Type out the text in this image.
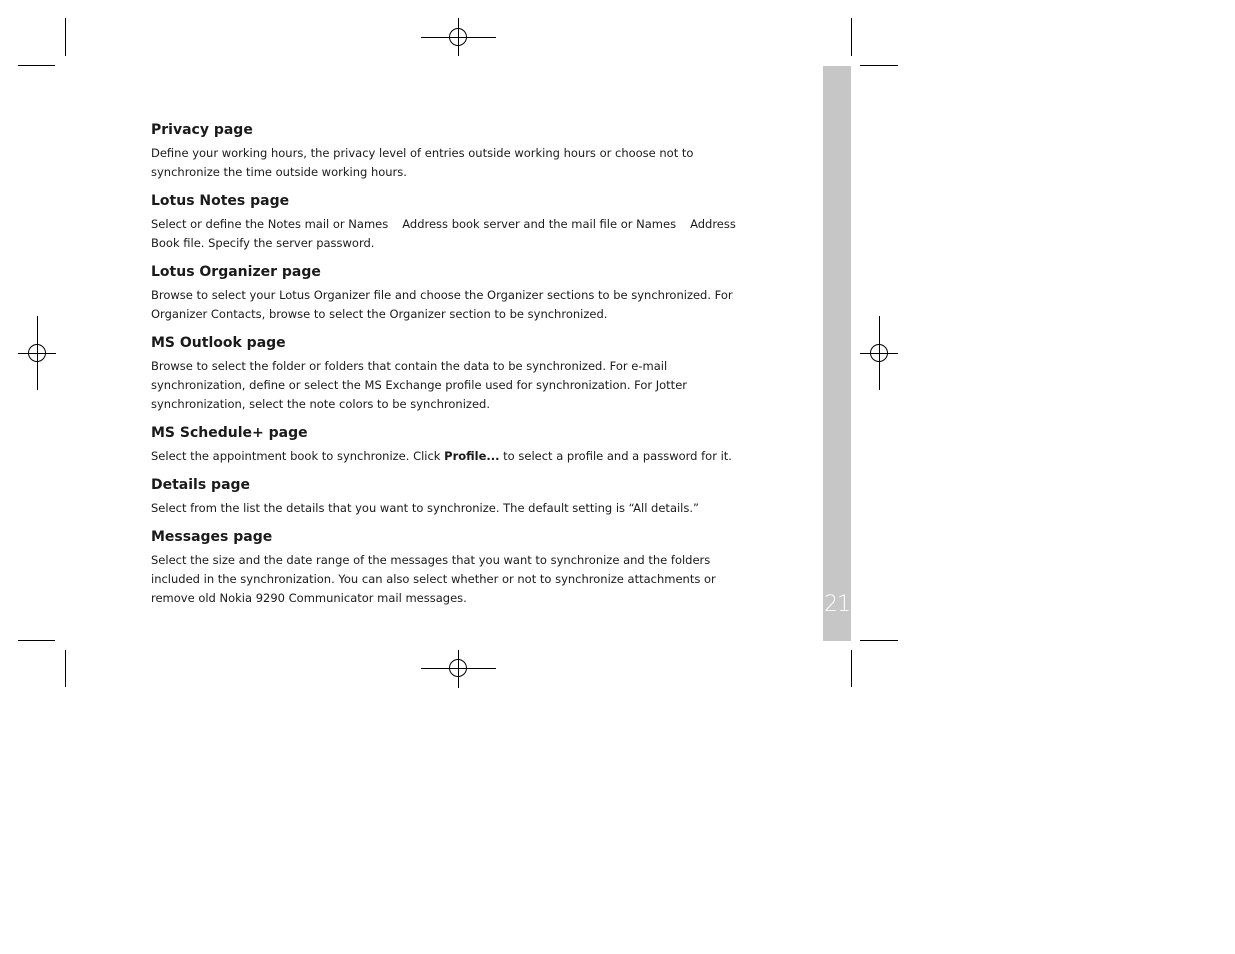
21
Privacy page

Define your working hours, the privacy level of entries outside working hours or choose not to synchronize the time outside working hours.

Lotus Notes page

Select or define the Notes mail or Names Address book server and the mail file or Names Address Book file. Specify the server password.

Lotus Organizer page

Browse to select your Lotus Organizer file and choose the Organizer sections to be synchronized. For Organizer Contacts, browse to select the Organizer section to be synchronized.

MS Outlook page

Browse to select the folder or folders that contain the data to be synchronized. For e-mail synchronization, define or select the MS Exchange profile used for synchronization. For Jotter synchronization, select the note colors to be synchronized.

MS Schedule+ page

Select the appointment book to synchronize. Click Profile... to select a profile and a password for it.

Details page

Select from the list the details that you want to synchronize. The default setting is “All details.”

Messages page

Select the size and the date range of the messages that you want to synchronize and the folders included in the synchronization. You can also select whether or not to synchronize attachments or remove old Nokia 9290 Communicator mail messages.
